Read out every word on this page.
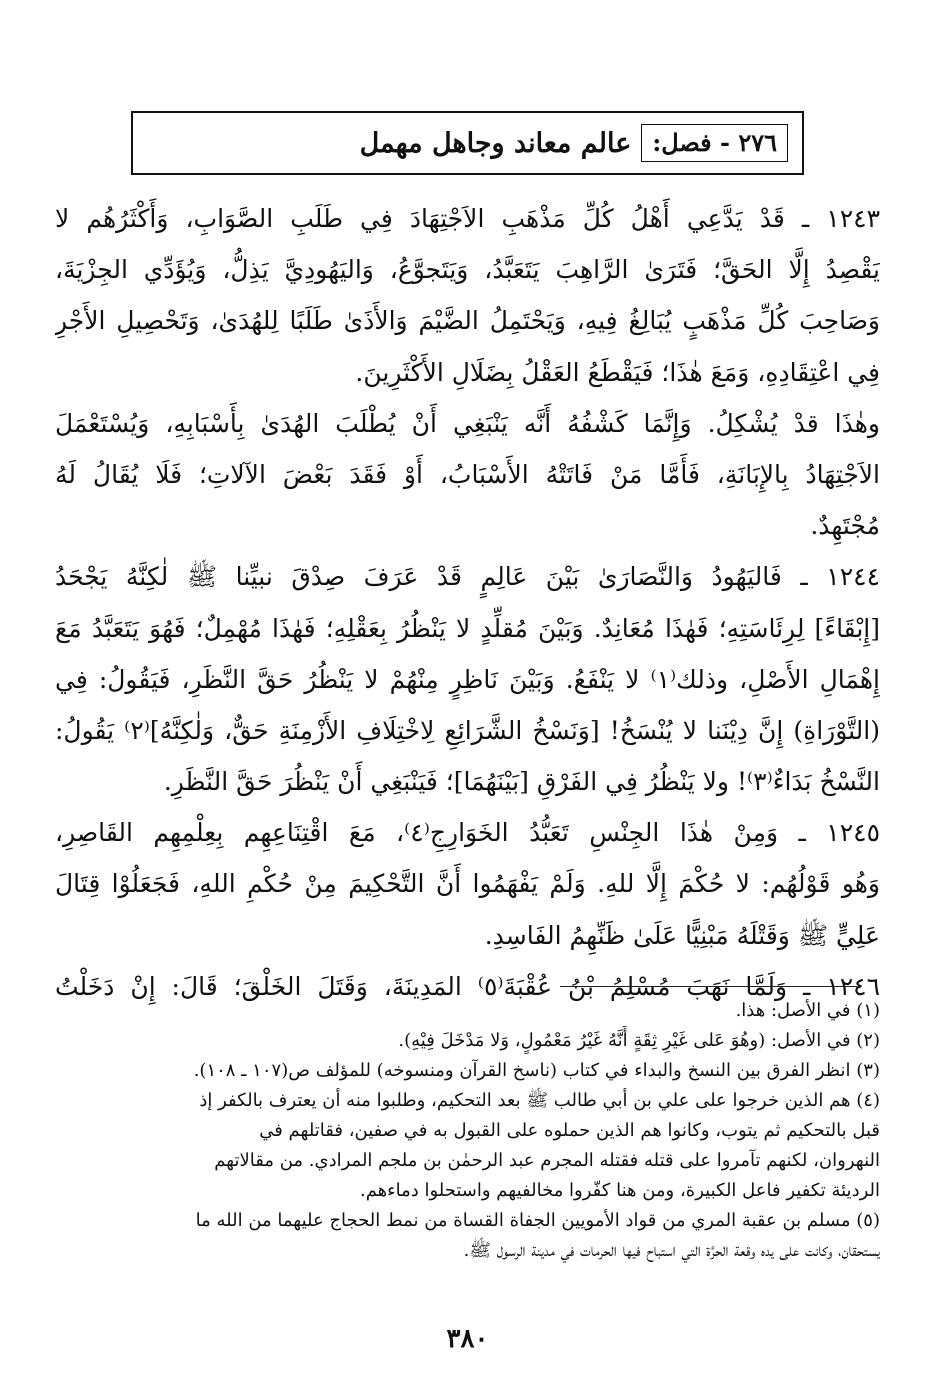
٢٧٦ - فصل:
عالم معاند وجاهل مهمل
١٢٤٣ ـ قَدْ يَدَّعِي أَهْلُ كُلِّ مَذْهَبِ الاَجْتِهَادَ فِي طَلَبِ الصَّوَابِ، وَأَكْثَرُهُم لا
يَقْصِدُ إِلَّا الحَقَّ؛ فَتَرَىٰ الرَّاهِبَ يَتَعَبَّدُ، وَيَتَجوَّعُ، وَاليَهُودِيَّ يَذِلُّ، وَيُؤَدِّي الجِزْيَةَ،
وَصَاحِبَ كُلِّ مَذْهَبٍ يُبَالِغُ فِيهِ، وَيَحْتَمِلُ الضَّيْمَ وَالأَذَىٰ طَلَبًا لِلهُدَىٰ، وَتَحْصِيلِ الأَجْرِ
فِي اعْتِقَادِهِ، وَمَعَ هٰذَا؛ فَيَقْطَعُ العَقْلُ بِضَلَالِ الأَكْثَرِينَ.
وهٰذَا قدْ يُشْكِلُ. وَإِنَّمَا كَشْفُهُ أَنَّه يَنْبَغِي أَنْ يُطْلَبَ الهُدَىٰ بِأَسْبَابِهِ، وَيُسْتَعْمَلَ
الاَجْتِهَادُ بِالإِبَانَةِ، فَأَمَّا مَنْ فَاتَتْهُ الأَسْبَابُ، أَوْ فَقَدَ بَعْضَ الآلاتِ؛ فَلَا يُقَالُ لَهُ
مُجْتَهِدٌ.
١٢٤٤ ـ فَاليَهُودُ وَالنَّصَارَىٰ بَيْنَ عَالِمٍ قَدْ عَرَفَ صِدْقَ نبيِّنا ﷺ لٰكِنَّهُ يَجْحَدُ
[إِبْقَاءً] لِرِئَاسَتِهِ؛ فَهٰذَا مُعَانِدٌ. وَبَيْنَ مُقلِّدٍ لا يَنْظُرُ بِعَقْلِهِ؛ فَهٰذَا مُهْمِلٌ؛ فَهُوَ يَتَعَبَّدُ مَعَ
إِهْمَالِ الأَصْلِ، وذلك⁽١⁾ لا يَنْفَعُ. وَبَيْنَ نَاظِرٍ مِنْهُمْ لا يَنْظُرُ حَقَّ النَّظَرِ، فَيَقُولُ: فِي
(التَّوْرَاةِ) إِنَّ دِيْنَنا لا يُنْسَخُ! [وَنَسْخُ الشَّرَائِعِ لِاخْتِلَافِ الأَزْمِنَةِ حَقٌّ، وَلٰكِنَّهُ]⁽٢⁾ يَقُولُ:
النَّسْخُ بَدَاءٌ⁽٣⁾! ولا يَنْظُرُ فِي الفَرْقِ [بَيْنَهُمَا]؛ فَيَنْبَغِي أَنْ يَنْظُرَ حَقَّ النَّظَرِ.
١٢٤٥ ـ وَمِنْ هٰذَا الجِنْسِ تَعَبُّدُ الخَوَارِجِ⁽٤⁾، مَعَ اقْتِنَاعِهِم بِعِلْمِهِم القَاصِرِ،
وَهُو قَوْلُهُم: لا حُكْمَ إِلَّا للهِ. وَلَمْ يَفْهَمُوا أَنَّ التَّحْكِيمَ مِنْ حُكْمِ اللهِ، فَجَعَلُوْا قِتَالَ
عَلِيٍّ ﷺ وَقَتْلَهُ مَبْنِيًّا عَلَىٰ ظَنِّهِمُ الفَاسِدِ.
١٢٤٦ ـ وَلَمَّا نَهَبَ مُسْلِمُ بْنُ عُقْبَةَ⁽٥⁾ المَدِينَةَ، وَقَتَلَ الخَلْقَ؛ قَالَ: إِنْ دَخَلْتُ
(١) في الأصل: هذا.
(٢) في الأصل: (وهُوَ عَلى غَيْرِ ثِقَةٍ أَنَّهُ غَيْرُ مَعْمُولٍ، وَلا مَدْخَلَ فِيْهِ).
(٣) انظر الفرق بين النسخ والبداء في كتاب (ناسخ القرآن ومنسوخه) للمؤلف ص(١٠٧ ـ ١٠٨).
(٤) هم الذين خرجوا على علي بن أبي طالب ﷺ بعد التحكيم، وطلبوا منه أن يعترف بالكفر إذ
قبل بالتحكيم ثم يتوب، وكانوا هم الذين حملوه على القبول به في صفين، فقاتلهم في
النهروان، لكنهم تآمروا على قتله فقتله المجرم عبد الرحمٰن بن ملجم المرادي. من مقالاتهم
الرديئة تكفير فاعل الكبيرة، ومن هنا كفّروا مخالفيهم واستحلوا دماءهم.
(٥) مسلم بن عقبة المري من قواد الأمويين الجفاة القساة من نمط الحجاج عليهما من الله ما
يستحقان، وكانت على يده وقعة الحرَّة التي استباح فيها الحرمات في مدينة الرسول ﷺ.
٣٨٠
